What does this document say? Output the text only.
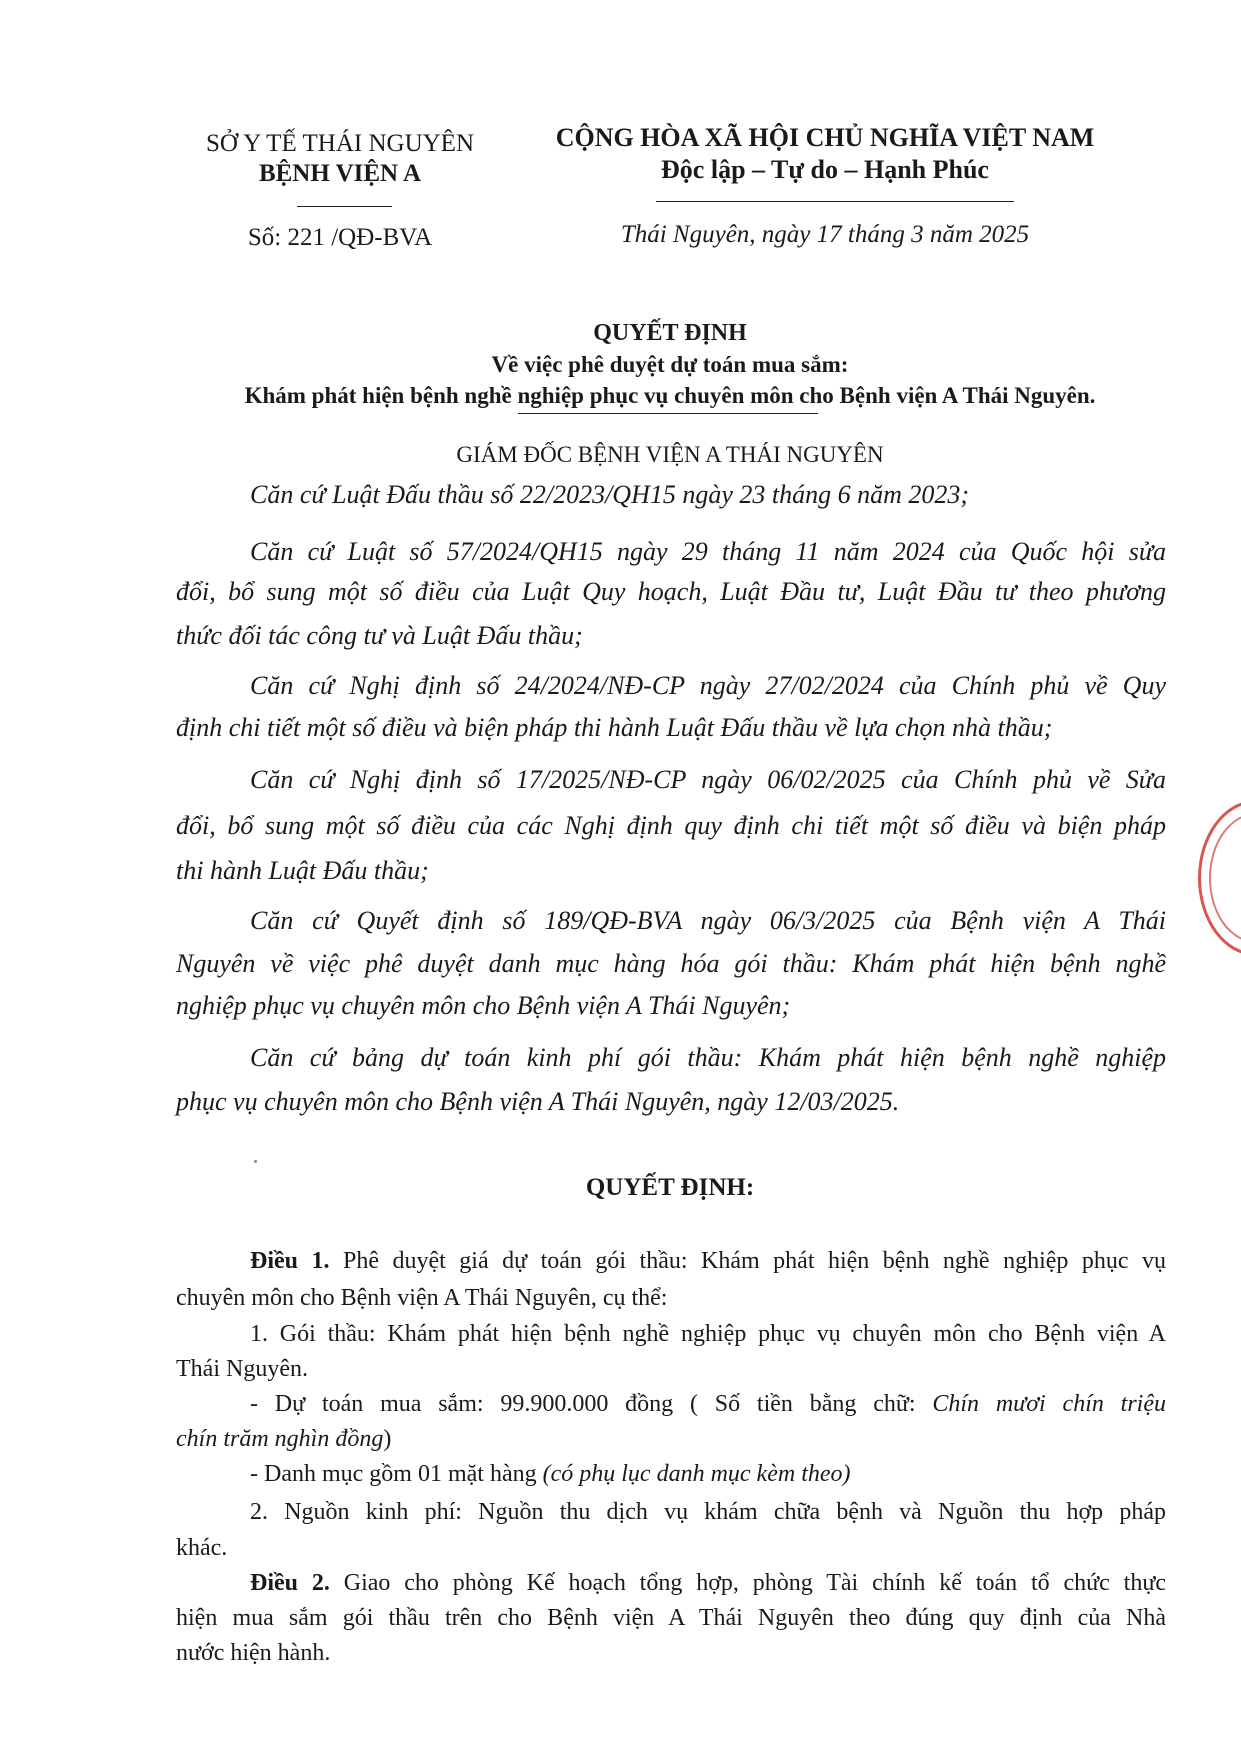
SỞ Y TẾ THÁI NGUYÊN
BỆNH VIỆN A
Số: 221 /QĐ-BVA
CỘNG HÒA XÃ HỘI CHỦ NGHĨA VIỆT NAM
Độc lập – Tự do – Hạnh Phúc
Thái Nguyên, ngày 17 tháng 3 năm 2025
QUYẾT ĐỊNH
Về việc phê duyệt dự toán mua sắm:
Khám phát hiện bệnh nghề nghiệp phục vụ chuyên môn cho Bệnh viện A Thái Nguyên.
GIÁM ĐỐC BỆNH VIỆN A THÁI NGUYÊN
Căn cứ Luật Đấu thầu số 22/2023/QH15 ngày 23 tháng 6 năm 2023;
Căn cứ Luật số 57/2024/QH15 ngày 29 tháng 11 năm 2024 của Quốc hội sửa
đổi, bổ sung một số điều của Luật Quy hoạch, Luật Đầu tư, Luật Đầu tư theo phương
thức đối tác công tư và Luật Đấu thầu;
Căn cứ Nghị định số 24/2024/NĐ-CP ngày 27/02/2024 của Chính phủ về Quy
định chi tiết một số điều và biện pháp thi hành Luật Đấu thầu về lựa chọn nhà thầu;
Căn cứ Nghị định số 17/2025/NĐ-CP ngày 06/02/2025 của Chính phủ về Sửa
đổi, bổ sung một số điều của các Nghị định quy định chi tiết một số điều và biện pháp
thi hành Luật Đấu thầu;
Căn cứ Quyết định số 189/QĐ-BVA ngày 06/3/2025 của Bệnh viện A Thái
Nguyên về việc phê duyệt danh mục hàng hóa gói thầu: Khám phát hiện bệnh nghề
nghiệp phục vụ chuyên môn cho Bệnh viện A Thái Nguyên;
Căn cứ bảng dự toán kinh phí gói thầu: Khám phát hiện bệnh nghề nghiệp
phục vụ chuyên môn cho Bệnh viện A Thái Nguyên, ngày 12/03/2025.
QUYẾT ĐỊNH:
Điều 1. Phê duyệt giá dự toán gói thầu: Khám phát hiện bệnh nghề nghiệp phục vụ
chuyên môn cho Bệnh viện A Thái Nguyên, cụ thể:
1. Gói thầu: Khám phát hiện bệnh nghề nghiệp phục vụ chuyên môn cho Bệnh viện A
Thái Nguyên.
- Dự toán mua sắm: 99.900.000 đồng ( Số tiền bằng chữ: Chín mươi chín triệu
chín trăm nghìn đồng)
- Danh mục gồm 01 mặt hàng (có phụ lục danh mục kèm theo)
2. Nguồn kinh phí: Nguồn thu dịch vụ khám chữa bệnh và Nguồn thu hợp pháp
khác.
Điều 2. Giao cho phòng Kế hoạch tổng hợp, phòng Tài chính kế toán tổ chức thực
hiện mua sắm gói thầu trên cho Bệnh viện A Thái Nguyên theo đúng quy định của Nhà
nước hiện hành.
